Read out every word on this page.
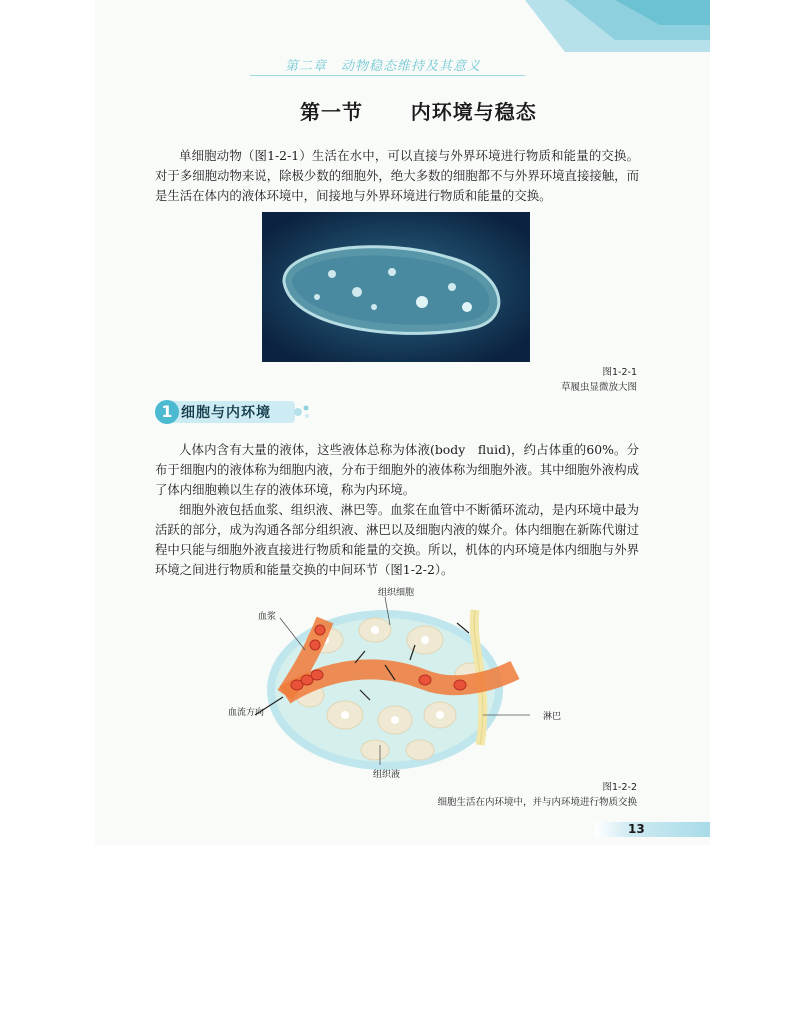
第二章　动物稳态维持及其意义
第一节 内环境与稳态

单细胞动物（图1-2-1）生活在水中，可以直接与外界环境进行物质和能量的交换。对于多细胞动物来说，除极少数的细胞外，绝大多数的细胞都不与外界环境直接接触，而是生活在体内的液体环境中，间接地与外界环境进行物质和能量的交换。

图1-2-1
草履虫显微放大图
1 细胞与内环境

人体内含有大量的液体，这些液体总称为体液(body　fluid)，约占体重的60%。分布于细胞内的液体称为细胞内液，分布于细胞外的液体称为细胞外液。其中细胞外液构成了体内细胞赖以生存的液体环境，称为内环境。

细胞外液包括血浆、组织液、淋巴等。血浆在血管中不断循环流动，是内环境中最为活跃的部分，成为沟通各部分组织液、淋巴以及细胞内液的媒介。体内细胞在新陈代谢过程中只能与细胞外液直接进行物质和能量的交换。所以，机体的内环境是体内细胞与外界环境之间进行物质和能量交换的中间环节（图1-2-2）。

组织细胞
血浆
血流方向	淋巴
组织液
图1-2-2
细胞生活在内环境中，并与内环境进行物质交换
13
